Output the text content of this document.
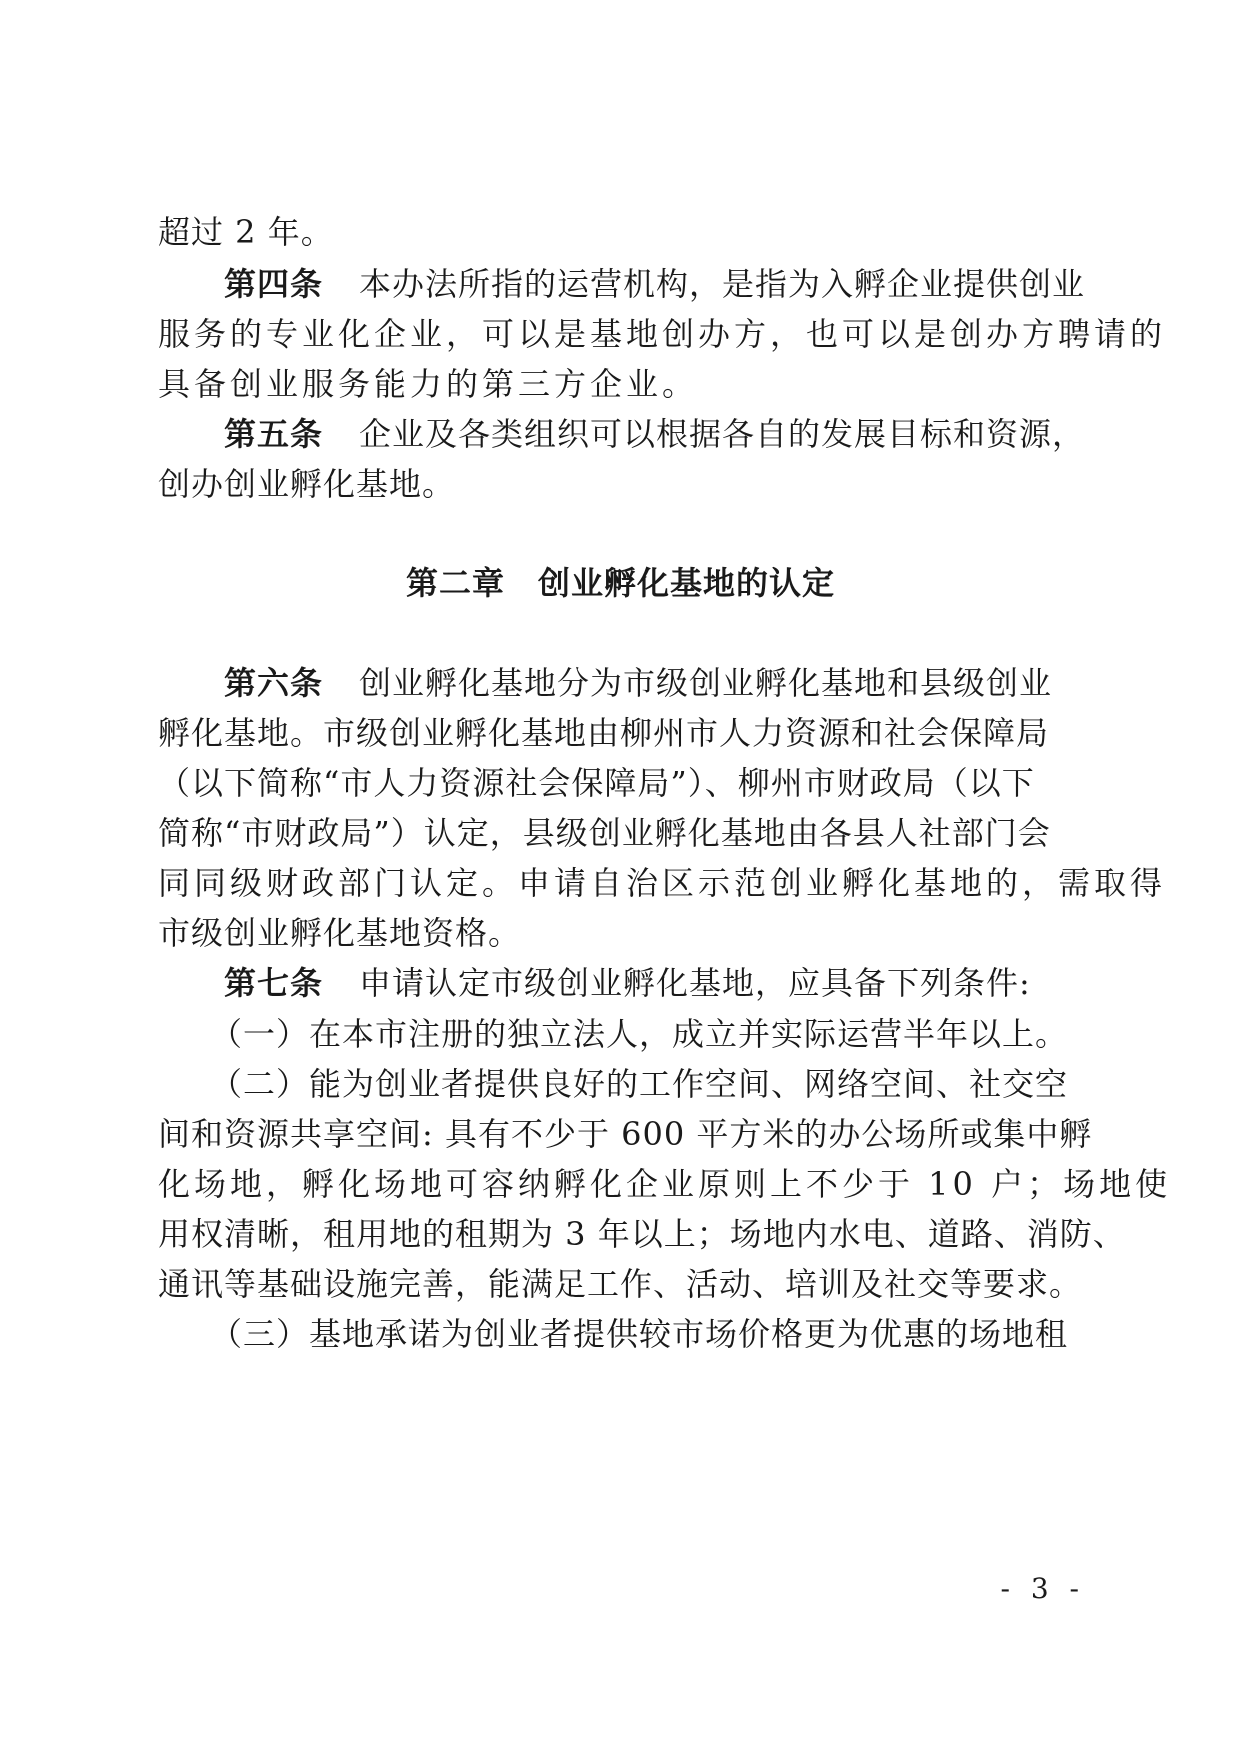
超过 2 年。
第四条 本办法所指的运营机构，是指为入孵企业提供创业
服务的专业化企业，可以是基地创办方，也可以是创办方聘请的
具备创业服务能力的第三方企业。
第五条 企业及各类组织可以根据各自的发展目标和资源，
创办创业孵化基地。
第二章　创业孵化基地的认定
第六条 创业孵化基地分为市级创业孵化基地和县级创业
孵化基地。市级创业孵化基地由柳州市人力资源和社会保障局
（以下简称“市人力资源社会保障局”）、柳州市财政局（以下
简称“市财政局”）认定，县级创业孵化基地由各县人社部门会
同同级财政部门认定。申请自治区示范创业孵化基地的，需取得
市级创业孵化基地资格。
第七条 申请认定市级创业孵化基地，应具备下列条件:
（一）在本市注册的独立法人，成立并实际运营半年以上。
（二）能为创业者提供良好的工作空间、网络空间、社交空
间和资源共享空间: 具有不少于 600 平方米的办公场所或集中孵
化场地，孵化场地可容纳孵化企业原则上不少于 10 户；场地使
用权清晰，租用地的租期为 3 年以上；场地内水电、道路、消防、
通讯等基础设施完善，能满足工作、活动、培训及社交等要求。
（三）基地承诺为创业者提供较市场价格更为优惠的场地租
- 3 -
